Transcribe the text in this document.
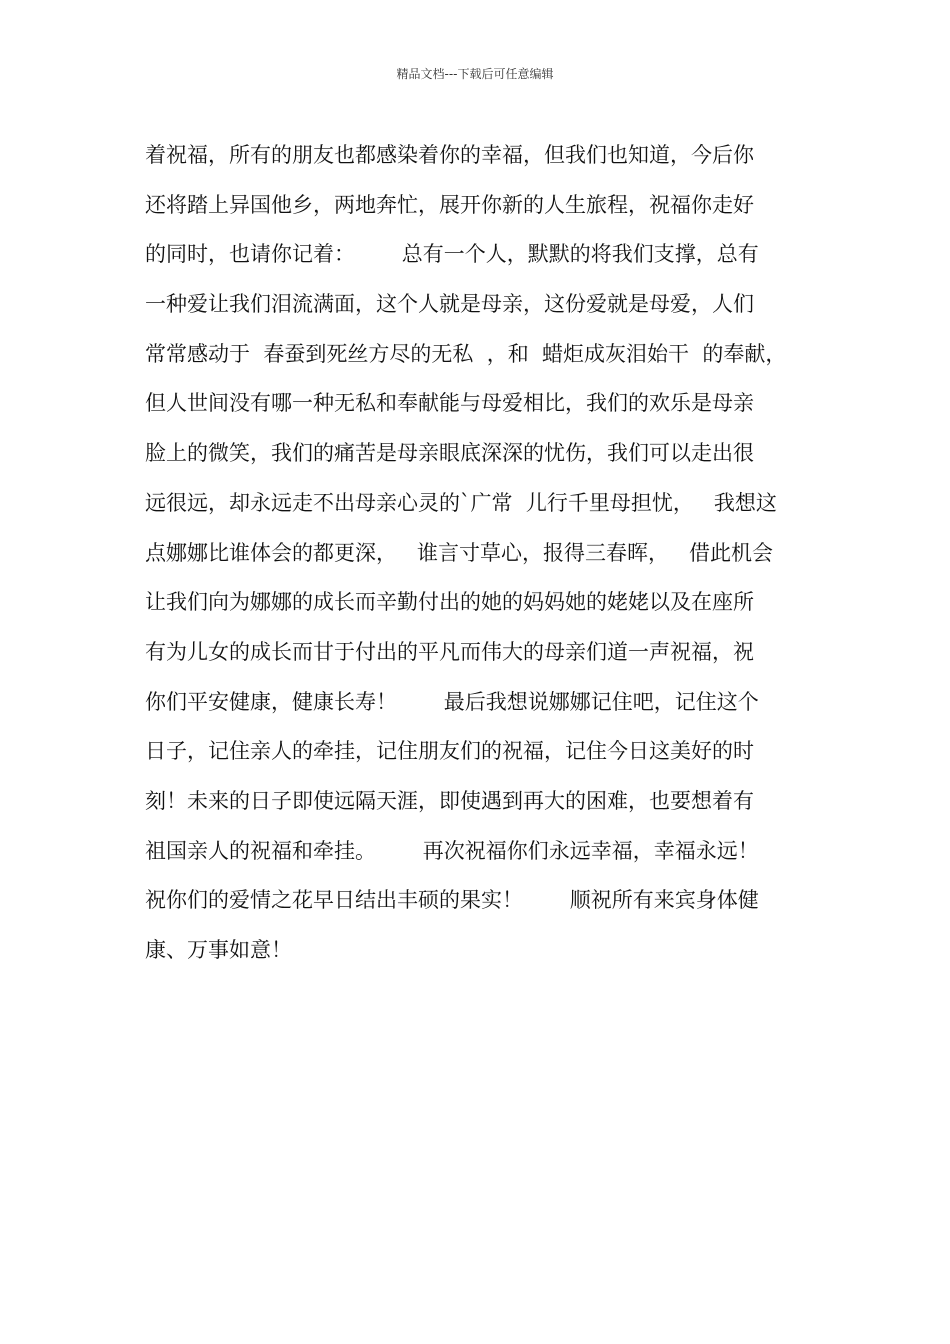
精品文档---下载后可任意编辑
着祝福，所有的朋友也都感染着你的幸福，但我们也知道，今后你
还将踏上异国他乡，两地奔忙，展开你新的人生旅程，祝福你走好
的同时，也请你记着：       总有一个人，默默的将我们支撑，总有
一种爱让我们泪流满面，这个人就是母亲，这份爱就是母爱，人们
常常感动于  春蚕到死丝方尽的无私  ，和  蜡炬成灰泪始干  的奉献，
但人世间没有哪一种无私和奉献能与母爱相比，我们的欢乐是母亲
脸上的微笑，我们的痛苦是母亲眼底深深的忧伤，我们可以走出很
远很远，却永远走不出母亲心灵的`广常  儿行千里母担忧，   我想这
点娜娜比谁体会的都更深，   谁言寸草心，报得三春晖，   借此机会
让我们向为娜娜的成长而辛勤付出的她的妈妈她的姥姥以及在座所
有为儿女的成长而甘于付出的平凡而伟大的母亲们道一声祝福，祝
你们平安健康，健康长寿！       最后我想说娜娜记住吧，记住这个
日子，记住亲人的牵挂，记住朋友们的祝福，记住今日这美好的时
刻！未来的日子即使远隔天涯，即使遇到再大的困难，也要想着有
祖国亲人的祝福和牵挂。       再次祝福你们永远幸福，幸福永远！
祝你们的爱情之花早日结出丰硕的果实！       顺祝所有来宾身体健
康、万事如意！
